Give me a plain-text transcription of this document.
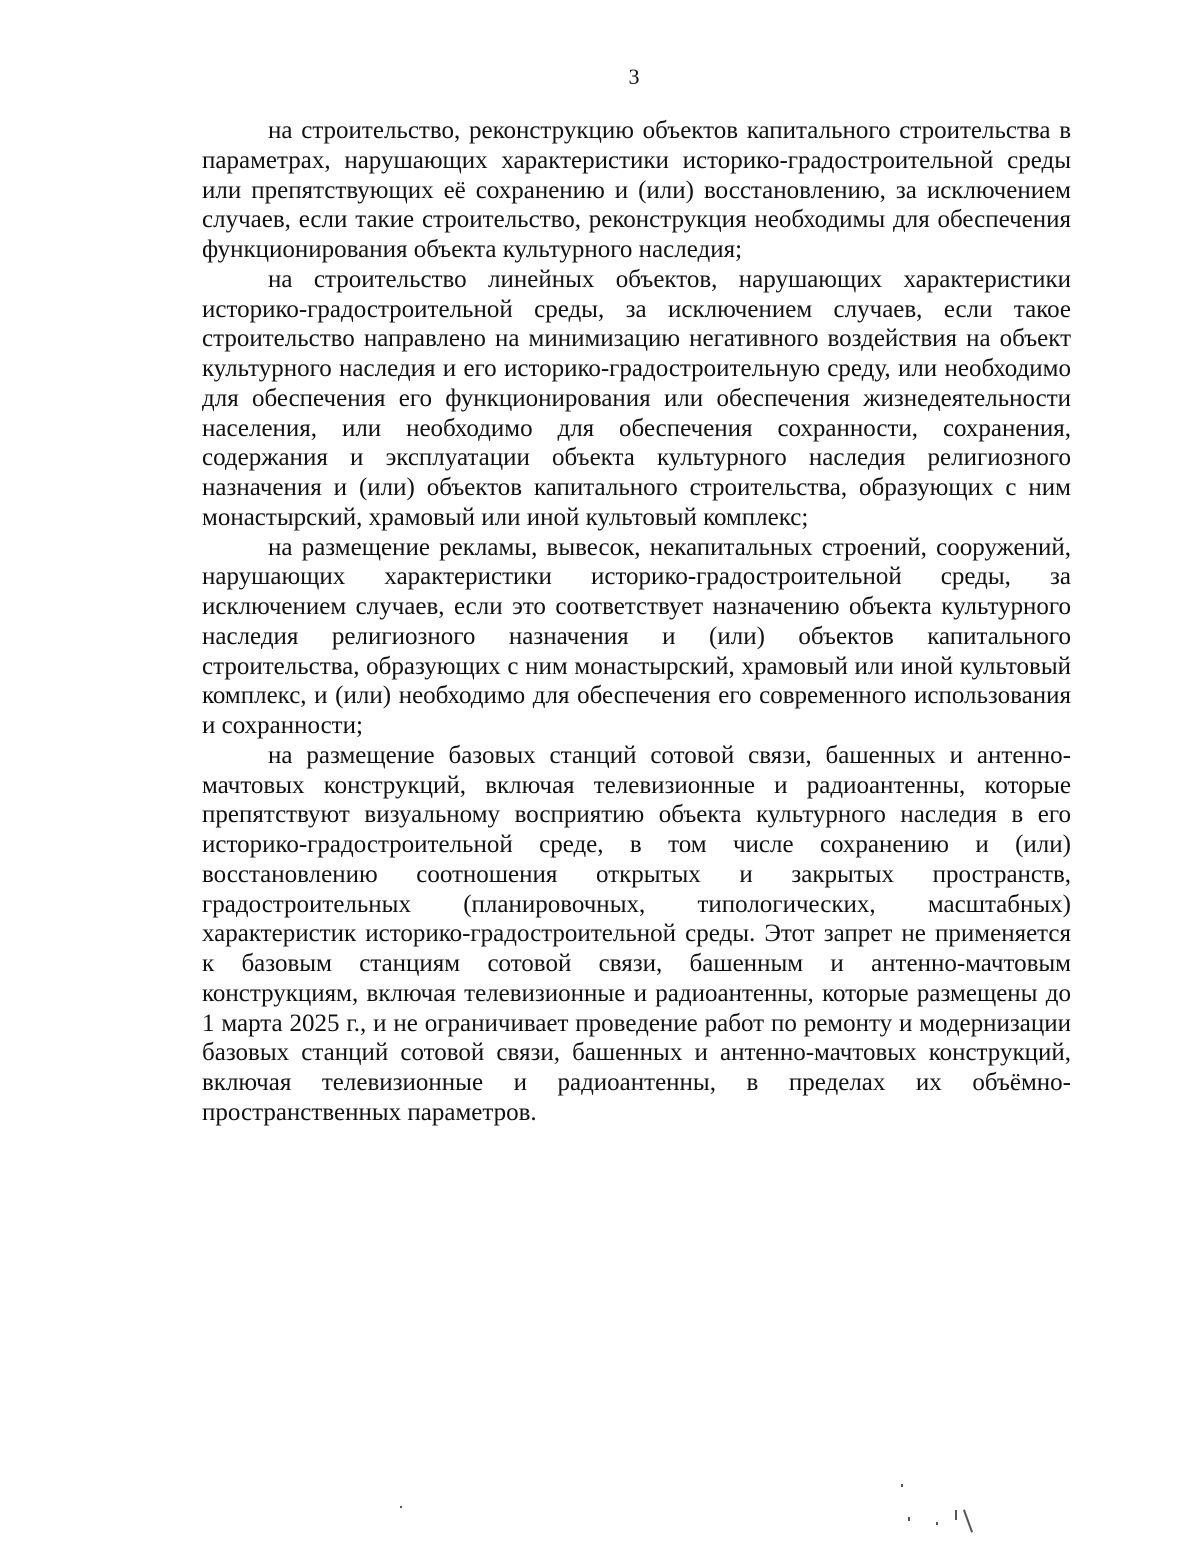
3

на строительство, реконструкцию объектов капитального строительства в параметрах, нарушающих характеристики историко-градостроительной среды или препятствующих её сохранению и (или) восстановлению, за исключением случаев, если такие строительство, реконструкция необходимы для обеспечения функционирования объекта культурного наследия;

на строительство линейных объектов, нарушающих характеристики историко-градостроительной среды, за исключением случаев, если такое строительство направлено на минимизацию негативного воздействия на объект культурного наследия и его историко-градостроительную среду, или необходимо для обеспечения его функционирования или обеспечения жизнедеятельности населения, или необходимо для обеспечения сохранности, сохранения, содержания и эксплуатации объекта культурного наследия религиозного назначения и (или) объектов капитального строительства, образующих с ним монастырский, храмовый или иной культовый комплекс;

на размещение рекламы, вывесок, некапитальных строений, сооружений, нарушающих характеристики историко-градостроительной среды, за исключением случаев, если это соответствует назначению объекта культурного наследия религиозного назначения и (или) объектов капитального строительства, образующих с ним монастырский, храмовый или иной культовый комплекс, и (или) необходимо для обеспечения его современного использования и сохранности;

на размещение базовых станций сотовой связи, башенных и антенно-мачтовых конструкций, включая телевизионные и радиоантенны, которые препятствуют визуальному восприятию объекта культурного наследия в его историко-градостроительной среде, в том числе сохранению и (или) восстановлению соотношения открытых и закрытых пространств, градостроительных (планировочных, типологических, масштабных) характеристик историко-градостроительной среды. Этот запрет не применяется к базовым станциям сотовой связи, башенным и антенно-мачтовым конструкциям, включая телевизионные и радиоантенны, которые размещены до 1 марта 2025 г., и не ограничивает проведение работ по ремонту и модернизации базовых станций сотовой связи, башенных и антенно-мачтовых конструкций, включая телевизионные и радиоантенны, в пределах их объёмно-пространственных параметров.
